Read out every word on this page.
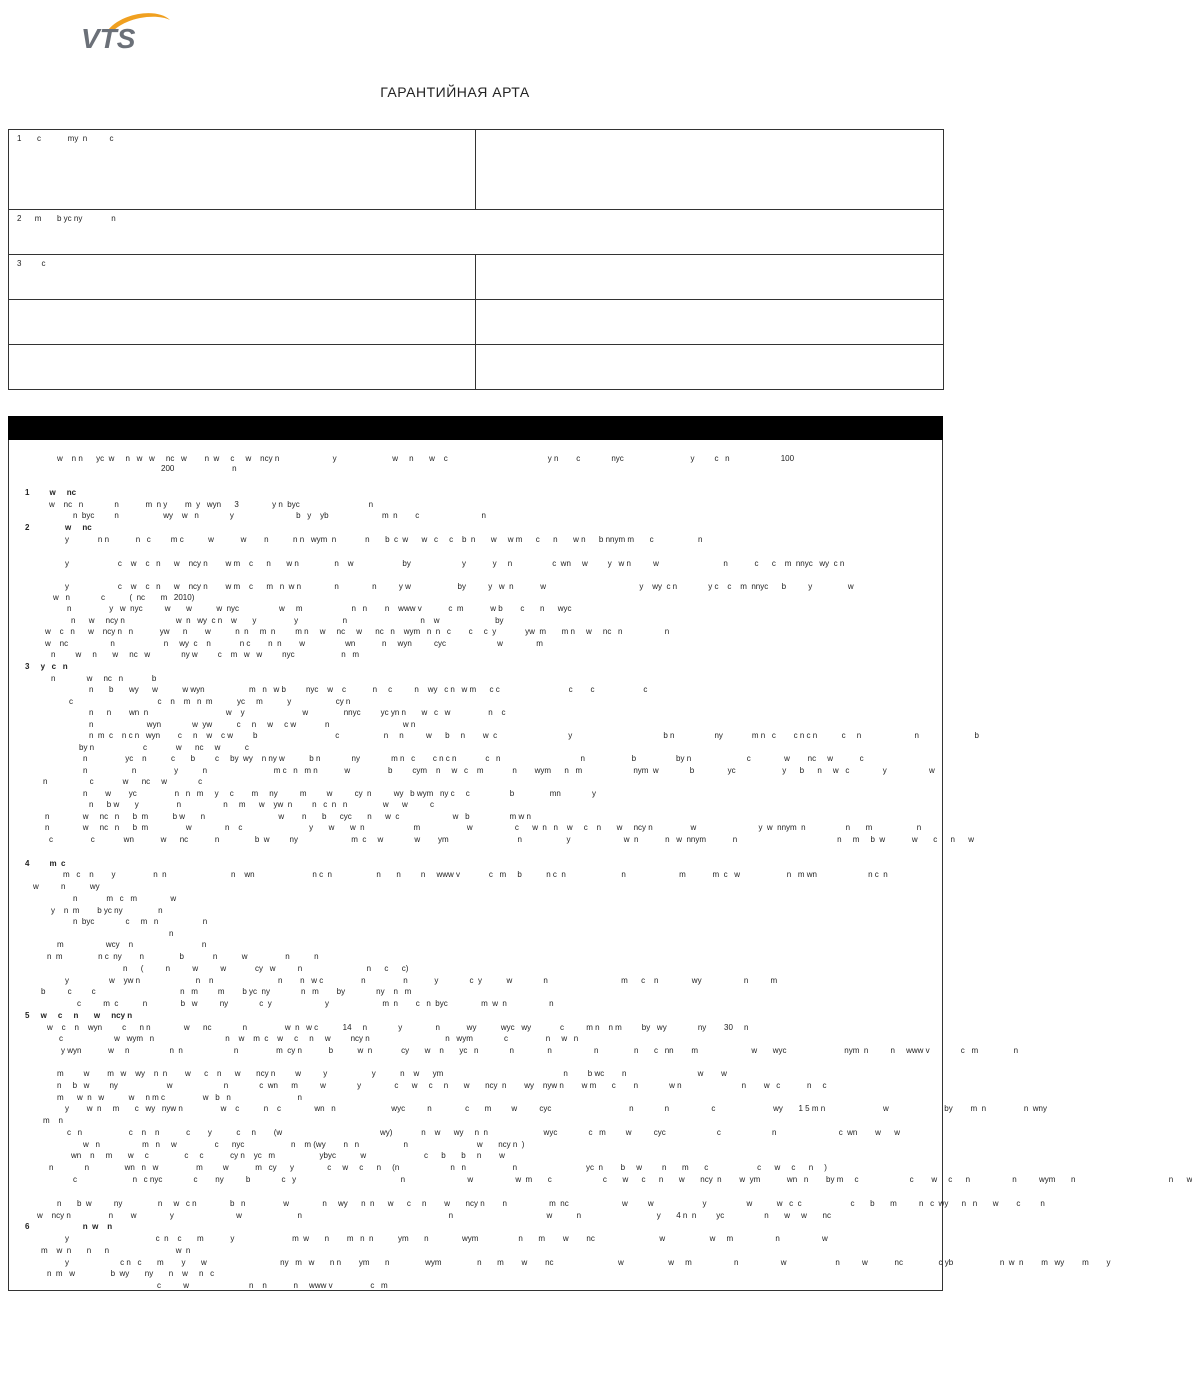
VTS
ГАРАНТИЙНАЯ АРТА
1       c            my  n          c	
2      m       b yc ny             n	
3         c	

w    n n      yc  w     n   w   w     nc   w        n  w     c     w    ncy n                        y                         w     n       w    c                                             y n        c              nyc                              y         c   n                       100
200                          n
1         w     nc
w    nc   n              n            m  n y        m  y   wyn      3               y n  byc                               n
n  byc         n                    wy    w   n              y                            b   y    yb                        m  n        c                            n
2                w     nc
y             n n            n   c         m c           w            w        n           n n   wym  n             n       b  c  w      w   c     c    b  n       w     w m      c      n       w n      b nnym m       c                    n
y                      c    w    c   n      w    ncy n        w m    c      n       w n                n    w                      by                       y            y     n                  c  wn     w         y   w n          w                             n            c      c    m  nnyc   wy  c n
y                      c    w    c   n      w    ncy n        w m    c      m   n  w n               n               n          y w                     by          y   w  n            w                                          y    wy  c n              y c    c    m  nnyc      b          y                w
w   n              c           (  nc       m   2010)
n                 y   w  nyc          w       w           w  nyc                  w     m                      n   n        n    www v            c  m            w b        c       n      wyc
n      w     ncy n                       w  n   wy  c n    w       y                 y                    n                                 n    w                         by
w    c   n      w    ncy n   n            yw      n        w           n  n     m  n         m n     w     nc     w      nc   n    wym   n  n   c        c     c  y             yw  m       m n     w     nc   n                   n
w    nc                   n                      n     wy  c    n             n c        n  n        w                  wn            n     wyn          cyc                       w               m
n         w     n       w     nc   w              ny w         c    m   w   w         nyc                     n   m
3     y   c   n
n              w     nc   n             b
n       b       wy      w           w wyn                    m   n   w b         nyc    w    c            n     c          n    wy   c n   w m      c c                               c        c                      c
c                                      c    n    m   n  m           yc     m           y                    cy n
n      n        wn  n                                   w    y                          w                nnyc         yc yn n       w   c   w                 n    c
n                        wyn              w  yw           c     n     w     c w             n                                 w n
n  m  c    n c n   wyn        c     n    w    c w         b                                   c                    n     n          w      b     n        w  c                                y                                         b n                  ny             m n   c        c n c n           c     n                        n                         b
by n                      c             w      nc     w           c
n                 yc    n           c       b         c     by  wy    n ny w           b n              ny              m n   c        c n c n             c   n                                    n                     b                  by n                         c               w        nc     w            c
n                    n                 y           n                              m c   n   m n            w                 b         cym    n     w   c    m             n        wym      n   m                       nym  w              b               yc                     y      b      n     w   c               y                   w
n                   c             w      nc     w              c
n        w        yc                 n   n   m     y     c        m     ny          m         w          cy  n          wy   b wym   ny c     c                  b                mn              y
n      b w       y                 n                   n     m      w    yw  n         n   c  n   n                w      w          c
n               w     nc   n      b  m           b w       n                                 w        n       b      cyc       n      w  c                        w   b                  m w n
n               w     nc   n      b  m                 w               n    c                              y       w       w  n                      m                     w                   c      w  n   n    w     c    n       w     ncy n                 w                            y  w  nnym  n                  n       m                    n
c                 c             wn            w      nc            n                b  w         ny                        m  c     w              w        ym                               n                    y                        w  n            n   w  nnym            n                                             n     m     b  w            w       c      n      w
4         m  c
m   c    n        y                 n  n                             n    wn                          n c  n                    n       n         n     www v             c   m     b           n c  n                         n                        m            m  c   w                     n   m wn                       n c  n
w          n           wy
n             m   c   m               w
y    n  m        b yc ny                n
n  byc              c     m   n                    n
n
m                   wcy    n                               n
n  m                n c  ny        n                b             n           w                 n           n
n      (          n          w          w             cy   w          n                             n      c      c)
y                  w    yw n                         n    n                             n        n   w c                 n                 n            y              c  y           w              n                                 m      c    n               wy                   n          m
b          c         c                                      n   m         m        b yc  ny              n   m        by              ny    n   m
c          m  c           n               b   w          ny              c  y                        y                        m  n        c   n  byc               m  w  n                   n
5     w     c     n       w     ncy n
w    c    n    wyn         c      n n               w      nc              n                 w  n   w c           14     n              y               n            wy           wyc   wy             c          m n    n m         by   wy              ny        30     n
c                       w   wym   n                                n    w    m  c    w     c     n     w         ncy n                                  n   wym              c                 n     w   n
y wyn            w     n                  n  n                       n                 m  cy n            b           w  n             cy       w    n       yc   n              n               n                   n                n       c   nn        m                        w       wyc                          nym  n          n     www v              c   m                n
m         w        m   w    wy    n  n        w      c    n      w       ncy n         w          y                    y           n    w      ym                                                      n         b wc        n                                w        w
n     b   w         ny                      w                       n              c  wn      m          w              y               c      w     c     n       w       ncy  n        wy    nyw n        w m       c        n              w n                           n        w   c            n     c
m      w  n   w           w     n m c                 w   b   n                              n
y        w  n     m       c   wy   nyw n                 w    c           n    c               wn   n                         wyc          n               c       m         w          cyc                                   n              n                   c                          wy       1 5 m n                          w                         by        m  n                 n  wny
m    n
c   n                     c    n    n            c        y           c     n        (w                                            wy)             n    w      wy     n  n                         wyc              c   m         w          cyc                       c                       n                            c  wn        w      w
w   n                   m   n     w                 c      nyc                     n    m (wy        n   n                    n                               w       ncy n  )
wn    n     m       w     c                c     c            cy n    yc   m                    ybyc           w                          c      b       b     n        w
n              n                wn   n   w                 m         w            m   cy      y               c     w     c      n     (n                       n   n                     n                               yc  n        b     w         n       m       c                      c      w     c      n     )
c                         n   c nyc              c        ny          b              c   y                                               n                            w                   w  m       c                       c       w      c      n       w       ncy  n        w  ym            wn   n        by m     c                       c        w     c      n                   n          wym       n                                          n      w
n       b  w          ny                n     w   c n               b   n                 w               n     wy      n  n      w      c     n        w       ncy n        n                   m  nc                        w         w                      y                  w           w   c  c                      c       b       m          n   c  wy      n   n       w        c         n
w    ncy n                 n        w               y                            w                         n                                                                  n                                          w           n                                  y       4 n  n         yc                  n       w     w       nc
6                        n  w    n
y                                       c  n    c       m            y                          m  w       n        m   n  n           ym       n               wym                  n       m        w        nc                             w                    w     m                   n                   w
m    w  n       n      n                              w  n
y                       c n   c       m        y       w                                 ny   m   w       n n        ym       n                wym                n       m        w        nc                             w                    w     m                   n                   w                      n          w            nc                c yb                     n  w  n        m   wy        m        y
n  m   w                b  wy       ny       n    w     n   c
c          w                           n    n            n     www v                 c   m
